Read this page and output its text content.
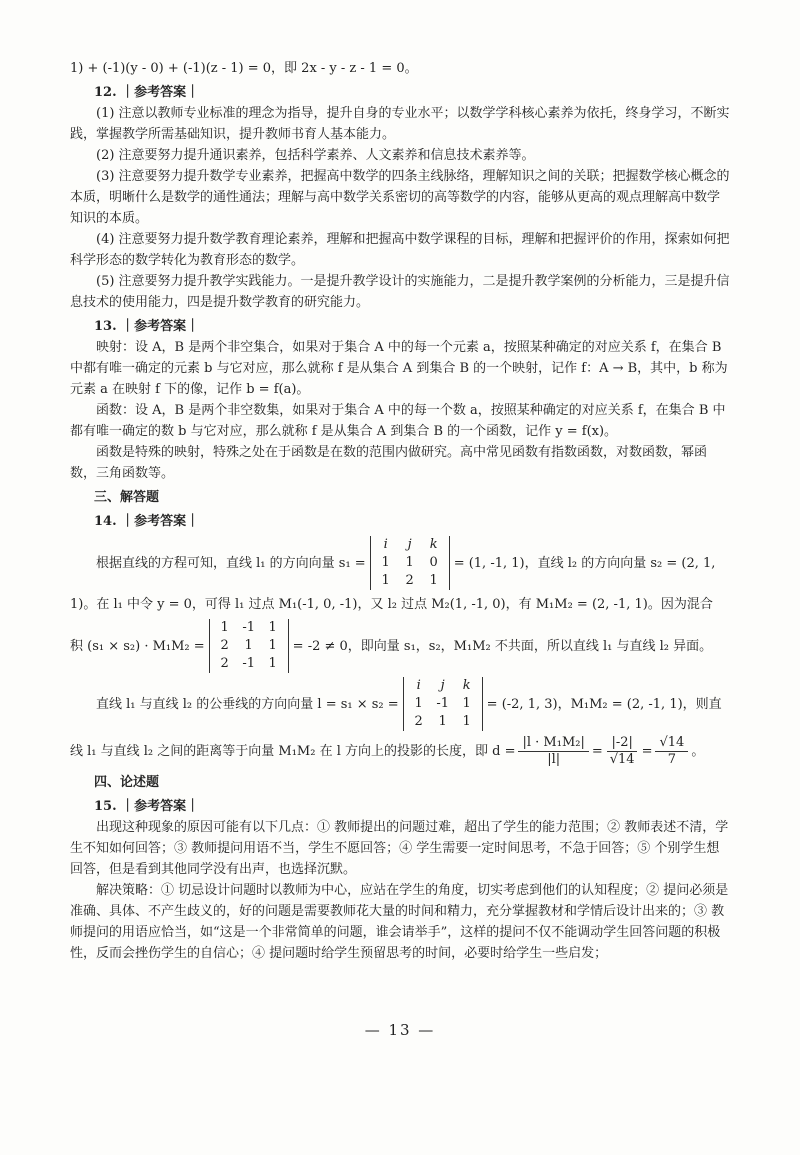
1) + (-1)(y - 0) + (-1)(z - 1) = 0，即 2x - y - z - 1 = 0。

12. ｜参考答案｜

(1) 注意以教师专业标准的理念为指导，提升自身的专业水平；以数学学科核心素养为依托，终身学习，不断实践，掌握教学所需基础知识，提升教师书育人基本能力。

(2) 注意要努力提升通识素养，包括科学素养、人文素养和信息技术素养等。

(3) 注意要努力提升数学专业素养，把握高中数学的四条主线脉络，理解知识之间的关联；把握数学核心概念的本质，明晰什么是数学的通性通法；理解与高中数学关系密切的高等数学的内容，能够从更高的观点理解高中数学知识的本质。

(4) 注意要努力提升数学教育理论素养，理解和把握高中数学课程的目标，理解和把握评价的作用，探索如何把科学形态的数学转化为教育形态的数学。

(5) 注意要努力提升教学实践能力。一是提升教学设计的实施能力，二是提升教学案例的分析能力，三是提升信息技术的使用能力，四是提升数学教育的研究能力。

13. ｜参考答案｜

映射：设 A，B 是两个非空集合，如果对于集合 A 中的每一个元素 a，按照某种确定的对应关系 f，在集合 B 中都有唯一确定的元素 b 与它对应，那么就称 f 是从集合 A 到集合 B 的一个映射，记作 f：A → B，其中，b 称为元素 a 在映射 f 下的像，记作 b = f(a)。

函数：设 A，B 是两个非空数集，如果对于集合 A 中的每一个数 a，按照某种确定的对应关系 f，在集合 B 中都有唯一确定的数 b 与它对应，那么就称 f 是从集合 A 到集合 B 的一个函数，记作 y = f(x)。

函数是特殊的映射，特殊之处在于函数是在数的范围内做研究。高中常见函数有指数函数，对数函数，幂函数，三角函数等。

三、解答题

14. ｜参考答案｜

根据直线的方程可知，直线 l₁ 的方向向量 s₁ =
i	j	k
1	1	0
1	2	1
= (1, -1, 1)，直线 l₂ 的方向向量 s₂ = (2, 1,

1)。在 l₁ 中令 y = 0，可得 l₁ 过点 M₁(-1, 0, -1)，又 l₂ 过点 M₂(1, -1, 0)，有 M₁M₂ = (2, -1, 1)。因为混合

积 (s₁ × s₂) · M₁M₂ =
1	-1	1
2	1	1
2	-1	1
= -2 ≠ 0，即向量 s₁，s₂，M₁M₂ 不共面，所以直线 l₁ 与直线 l₂ 异面。
直线 l₁ 与直线 l₂ 的公垂线的方向向量 l = s₁ × s₂ =
i	j	k
1	-1	1
2	1	1
= (-2, 1, 3)，M₁M₂ = (2, -1, 1)，则直
线 l₁ 与直线 l₂ 之间的距离等于向量 M₁M₂ 在 l 方向上的投影的长度，即 $d = \frac{\text{|l · M₁M₂|}}{|l|} = \frac{|-2|}{√14} = \frac{√14}{7}$ 。

四、论述题

15. ｜参考答案｜

出现这种现象的原因可能有以下几点：① 教师提出的问题过难，超出了学生的能力范围；② 教师表述不清，学生不知如何回答；③ 教师提问用语不当，学生不愿回答；④ 学生需要一定时间思考，不急于回答；⑤ 个别学生想回答，但是看到其他同学没有出声，也选择沉默。

解决策略：① 切忌设计问题时以教师为中心，应站在学生的角度，切实考虑到他们的认知程度；② 提问必须是准确、具体、不产生歧义的，好的问题是需要教师花大量的时间和精力，充分掌握教材和学情后设计出来的；③ 教师提问的用语应恰当，如“这是一个非常简单的问题，谁会请举手”，这样的提问不仅不能调动学生回答问题的积极性，反而会挫伤学生的自信心；④ 提问题时给学生预留思考的时间，必要时给学生一些启发；

— 13 —
